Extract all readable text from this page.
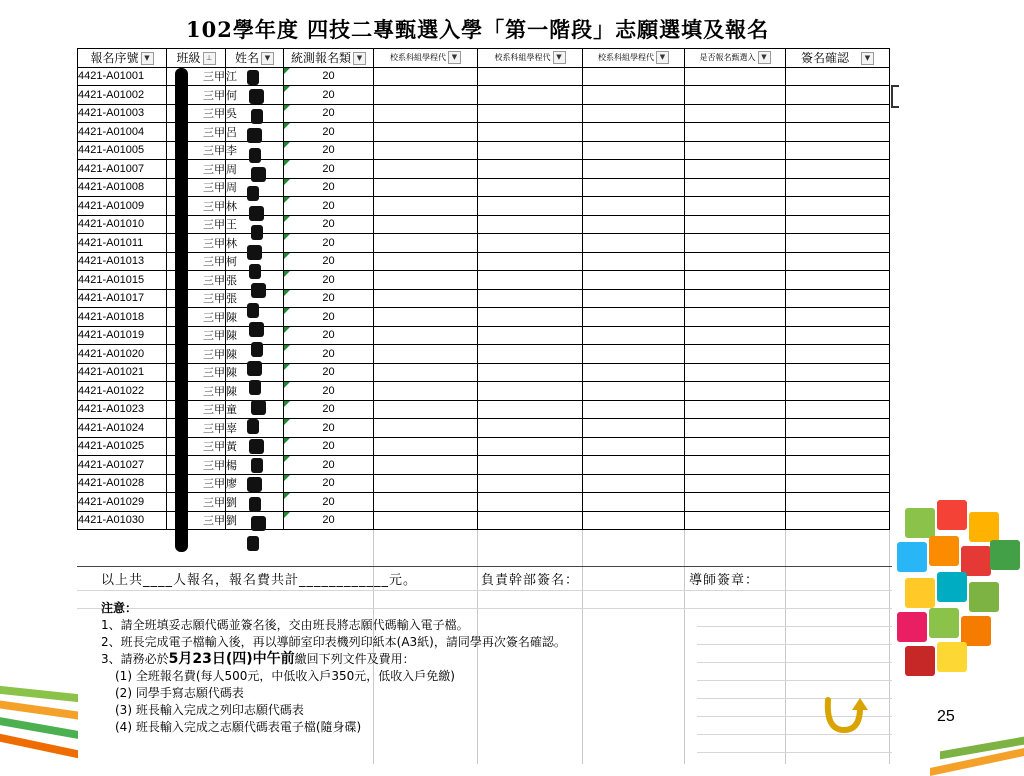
102學年度 四技二專甄選入學「第一階段」志願選填及報名
報名序號 ▼	班級 ⊥	姓名 ▼	統測報名類 ▼	校系科組學程代 ▼	校系科組學程代 ▼	校系科組學程代 ▼	是否報名甄選入 ▼	簽名確認 ▼
4421-A01001	三甲	江	20					
4421-A01002	三甲	何	20					
4421-A01003	三甲	吳	20					
4421-A01004	三甲	呂	20					
4421-A01005	三甲	李	20					
4421-A01007	三甲	周	20					
4421-A01008	三甲	周	20					
4421-A01009	三甲	林	20					
4421-A01010	三甲	王	20					
4421-A01011	三甲	林	20					
4421-A01013	三甲	柯	20					
4421-A01015	三甲	張	20					
4421-A01017	三甲	張	20					
4421-A01018	三甲	陳	20					
4421-A01019	三甲	陳	20					
4421-A01020	三甲	陳	20					
4421-A01021	三甲	陳	20					
4421-A01022	三甲	陳	20					
4421-A01023	三甲	童	20					
4421-A01024	三甲	辜	20					
4421-A01025	三甲	黃	20					
4421-A01027	三甲	楊	20					
4421-A01028	三甲	廖	20					
4421-A01029	三甲	劉	20					
4421-A01030	三甲	劉	20					
以上共____人報名，報名費共計____________元。	負責幹部簽名：	導師簽章：
注意：
1、請全班填妥志願代碼並簽名後，交由班長將志願代碼輸入電子檔。
2、班長完成電子檔輸入後，再以導師室印表機列印紙本(A3紙)，請同學再次簽名確認。
3、請務必於5月23日(四)中午前繳回下列文件及費用：
(1) 全班報名費(每人500元，中低收入戶350元，低收入戶免繳)
(2) 同學手寫志願代碼表
(3) 班長輸入完成之列印志願代碼表
(4) 班長輸入完成之志願代碼表電子檔(隨身碟)
25
